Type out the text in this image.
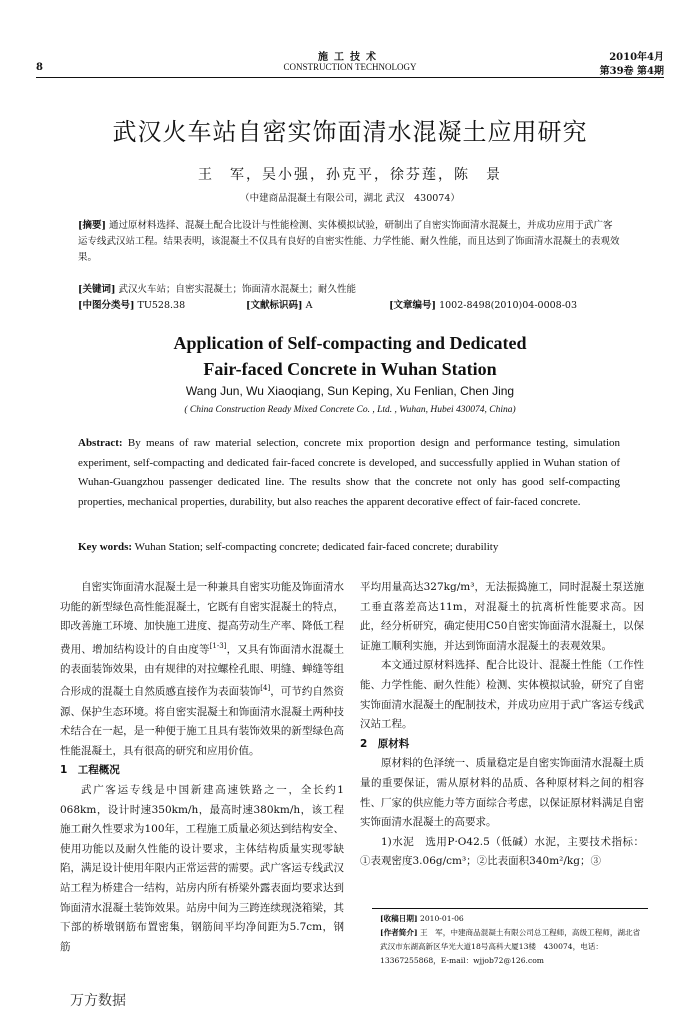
8
施工技术
CONSTRUCTION TECHNOLOGY
2010年4月
第39卷 第4期
武汉火车站自密实饰面清水混凝土应用研究
王　军，吴小强，孙克平，徐芬莲，陈　景
（中建商品混凝土有限公司，湖北 武汉　430074）
[摘要] 通过原材料选择、混凝土配合比设计与性能检测、实体模拟试验，研制出了自密实饰面清水混凝土，并成功应用于武广客运专线武汉站工程。结果表明，该混凝土不仅具有良好的自密实性能、力学性能、耐久性能，而且达到了饰面清水混凝土的表观效果。
[关键词] 武汉火车站；自密实混凝土；饰面清水混凝土；耐久性能
[中图分类号] TU528.38	[文献标识码] A	[文章编号] 1002-8498(2010)04-0008-03
Application of Self-compacting and Dedicated
Fair-faced Concrete in Wuhan Station
Wang Jun, Wu Xiaoqiang, Sun Keping, Xu Fenlian, Chen Jing
( China Construction Ready Mixed Concrete Co. , Ltd. , Wuhan, Hubei 430074, China)
Abstract: By means of raw material selection, concrete mix proportion design and performance testing, simulation experiment, self-compacting and dedicated fair-faced concrete is developed, and successfully applied in Wuhan station of Wuhan-Guangzhou passenger dedicated line. The results show that the concrete not only has good self-compacting properties, mechanical properties, durability, but also reaches the apparent decorative effect of fair-faced concrete.
Key words: Wuhan Station; self-compacting concrete; dedicated fair-faced concrete; durability

自密实饰面清水混凝土是一种兼具自密实功能及饰面清水功能的新型绿色高性能混凝土，它既有自密实混凝土的特点，即改善施工环境、加快施工进度、提高劳动生产率、降低工程费用、增加结构设计的自由度等[1-3]，又具有饰面清水混凝土的表面装饰效果，由有规律的对拉螺栓孔眼、明缝、蝉缝等组合形成的混凝土自然质感直接作为表面装饰[4]，可节约自然资源、保护生态环境。将自密实混凝土和饰面清水混凝土两种技术结合在一起，是一种便于施工且具有装饰效果的新型绿色高性能混凝土，具有很高的研究和应用价值。

1　工程概况

武广客运专线是中国新建高速铁路之一，全长约1 068km，设计时速350km/h，最高时速380km/h，该工程施工耐久性要求为100年，工程施工质量必须达到结构安全、使用功能以及耐久性能的设计要求，主体结构质量实现零缺陷，满足设计使用年限内正常运营的需要。武广客运专线武汉站工程为桥建合一结构，站房内所有桥梁外露表面均要求达到饰面清水混凝土装饰效果。站房中间为三跨连续现浇箱梁，其下部的桥墩钢筋布置密集，钢筋间平均净间距为5.7cm，钢筋

平均用量高达327kg/m³，无法振捣施工，同时混凝土泵送施工垂直落差高达11m，对混凝土的抗离析性能要求高。因此，经分析研究，确定使用C50自密实饰面清水混凝土，以保证施工顺利实施，并达到饰面清水混凝土的表观效果。

本文通过原材料选择、配合比设计、混凝土性能（工作性能、力学性能、耐久性能）检测、实体模拟试验，研究了自密实饰面清水混凝土的配制技术，并成功应用于武广客运专线武汉站工程。

2　原材料

原材料的色泽统一、质量稳定是自密实饰面清水混凝土质量的重要保证，需从原材料的品质、各种原材料之间的相容性、厂家的供应能力等方面综合考虑，以保证原材料满足自密实饰面清水混凝土的高要求。

1)水泥　选用P·O42.5（低碱）水泥，主要技术指标：①表观密度3.06g/cm³；②比表面积340m²/kg；③

[收稿日期] 2010-01-06
[作者简介] 王　军，中建商品混凝土有限公司总工程师，高级工程师，湖北省武汉市东湖高新区华光大道18号高科大厦13楼　430074，电话：13367255868，E-mail：wjjob72@126.com
万方数据
